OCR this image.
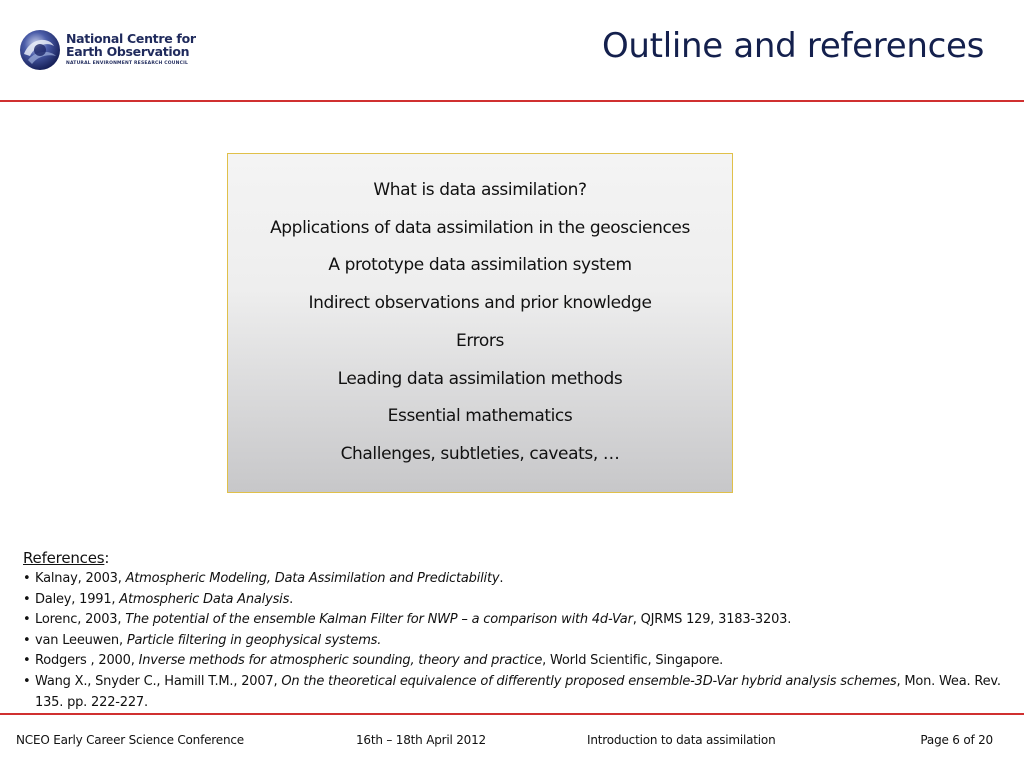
National Centre for
Earth Observation
NATURAL ENVIRONMENT RESEARCH COUNCIL	Outline and references
What is data assimilation?
Applications of data assimilation in the geosciences
A prototype data assimilation system
Indirect observations and prior knowledge
Errors
Leading data assimilation methods
Essential mathematics
Challenges, subtleties, caveats, …
References:
• Kalnay, 2003, Atmospheric Modeling, Data Assimilation and Predictability.
• Daley, 1991, Atmospheric Data Analysis.
• Lorenc, 2003, The potential of the ensemble Kalman Filter for NWP – a comparison with 4d-Var, QJRMS 129, 3183-3203.
• van Leeuwen, Particle filtering in geophysical systems.
• Rodgers , 2000, Inverse methods for atmospheric sounding, theory and practice, World Scientific, Singapore.
• Wang X., Snyder C., Hamill T.M., 2007, On the theoretical equivalence of differently proposed ensemble-3D-Var hybrid analysis schemes, Mon. Wea. Rev. 135. pp. 222-227.
NCEO Early Career Science Conference	16th – 18th April 2012	Introduction to data assimilation	Page 6 of 20
